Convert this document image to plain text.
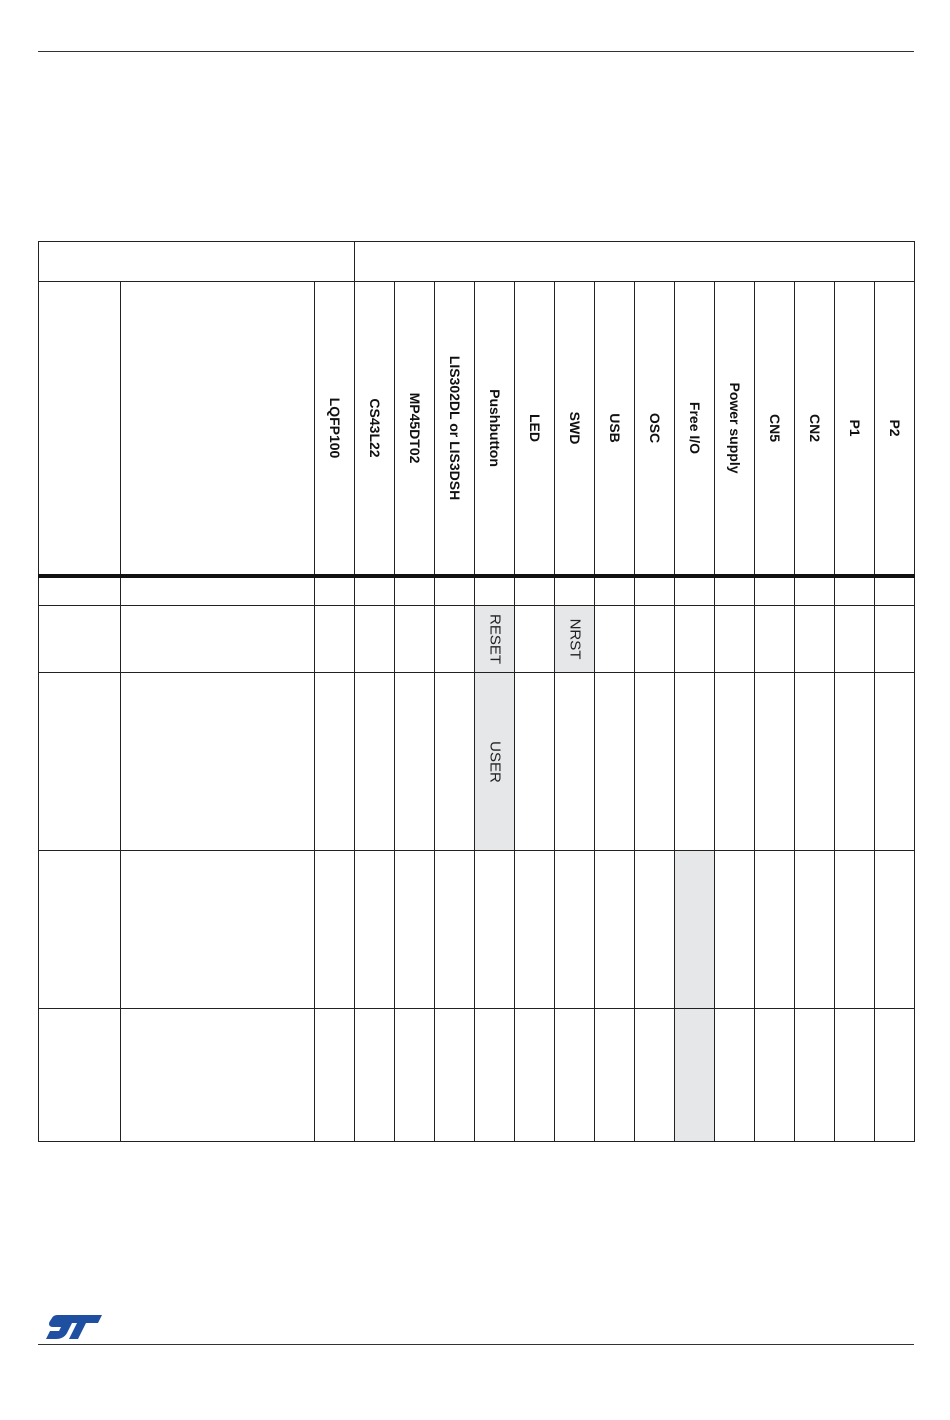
		LQFP100	CS43L22	MP45DT02	LIS302DL or LIS3DSH	Pushbutton	LED	SWD	USB	OSC	Free I/O	Power supply	CN5	CN2	P1	P2

						RESET		NRST								

						USER										
